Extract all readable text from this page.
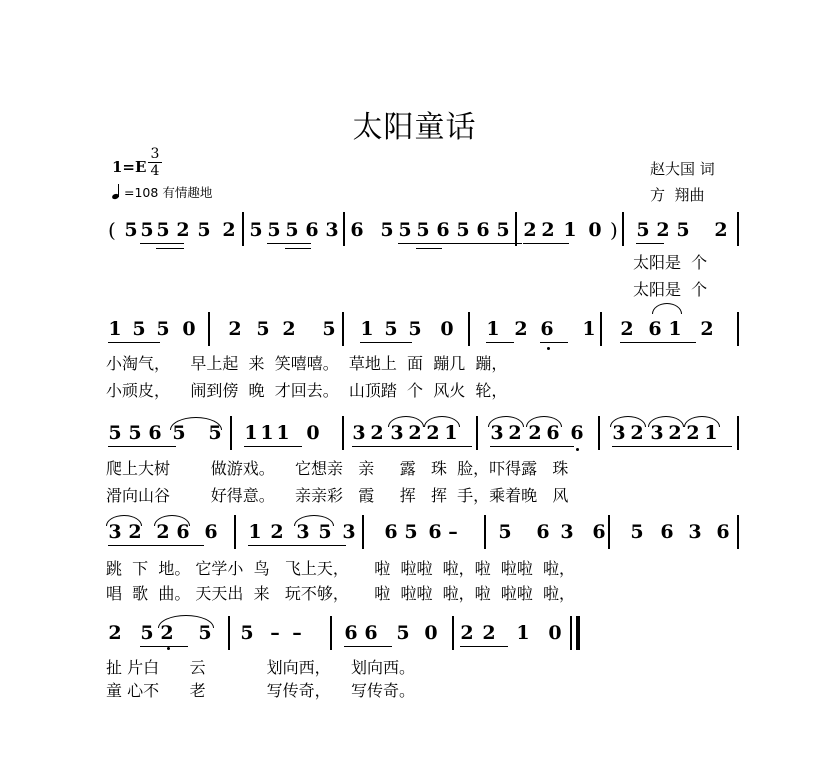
太阳童话
1=E
3
4
=108 有情趣地
赵大国 词
方  翔曲
( 5 5 5 2 5 2 5 5 5 6 3 6 5 5 5 6 5 6 5 2 2 1 0 ) 5 2 5 2
1 5 5 0 2 5 2 5 1 5 5 0 1 2 6 1 2 6 1 2
5 5 6 5 5 1 1 1 0 3 2 3 2 2 1 3 2 2 6 6 3 2 3 2 2 1
3 2 2 6 6 1 2 3 5 3 6 5 6 – 5 6 3 6 5 6 3 6
2 5 2 5 5 – – 6 6 5 0 2 2 1 0
太阳是  个
太阳是  个
小淘气，    早上起  来  笑嘻嘻。  草地上  面  蹦几  蹦，
小顽皮，    闹到傍  晚  才回去。  山顶踏  个  风火  轮，
爬上大树        做游戏。    它想亲   亲     露   珠  脸，吓得露   珠
滑向山谷        好得意。    亲亲彩   霞     挥   挥  手，乘着晚   风
跳  下  地。 它学小  鸟   飞上天，     啦  啦啦  啦，啦  啦啦  啦，
唱  歌  曲。 天天出  来   玩不够，     啦  啦啦  啦，啦  啦啦  啦，
扯 片白      云            划向西，    划向西。
童 心不      老            写传奇，    写传奇。
